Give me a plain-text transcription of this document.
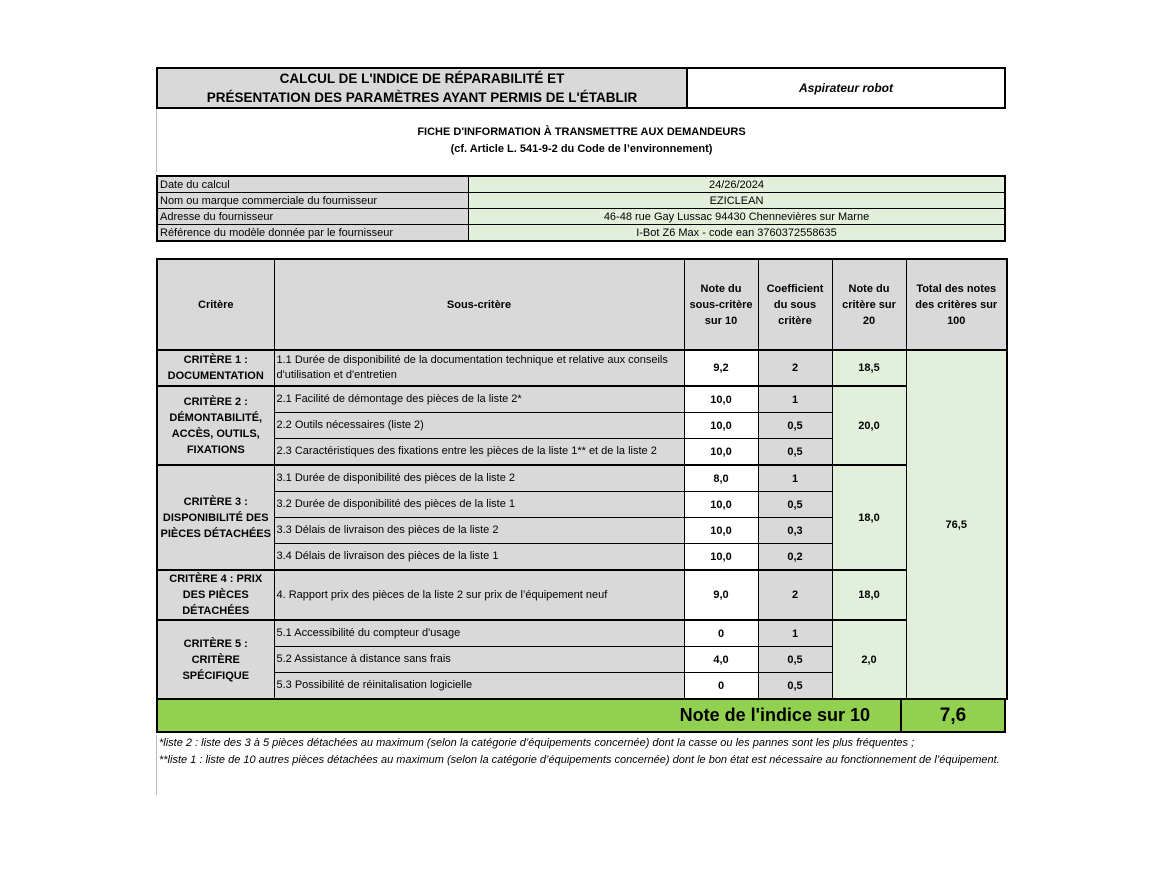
CALCUL DE L'INDICE DE RÉPARABILITÉ ET
PRÉSENTATION DES PARAMÈTRES AYANT PERMIS DE L'ÉTABLIR
Aspirateur robot
FICHE D'INFORMATION À TRANSMETTRE AUX DEMANDEURS
(cf. Article L. 541-9-2 du Code de l’environnement)
Date du calcul	24/26/2024
Nom ou marque commerciale du fournisseur	EZICLEAN
Adresse du fournisseur	46-48 rue Gay Lussac 94430 Chennevières sur Marne
Référence du modèle donnée par le fournisseur	I-Bot Z6 Max - code ean 3760372558635
Critère	Sous-critère	Note du sous-critère sur 10	Coefficient du sous critère	Note du critère sur 20	Total des notes des critères sur 100
CRITÈRE 1 : DOCUMENTATION	1.1 Durée de disponibilité de la documentation technique et relative aux conseils d'utilisation et d'entretien	9,2	2	18,5	76,5
CRITÈRE 2 : DÉMONTABILITÉ, ACCÈS, OUTILS, FIXATIONS	2.1 Facilité de démontage des pièces de la liste 2*	10,0	1	20,0	
	2.2 Outils nécessaires (liste 2)	10,0	0,5		
	2.3 Caractéristiques des fixations entre les pièces de la liste 1** et de la liste 2	10,0	0,5		
CRITÈRE 3 : DISPONIBILITÉ DES PIÈCES DÉTACHÉES	3.1 Durée de disponibilité des pièces de la liste 2	8,0	1	18,0	
	3.2 Durée de disponibilité des pièces de la liste 1	10,0	0,5		
	3.3 Délais de livraison des pièces de la liste 2	10,0	0,3		
	3.4 Délais de livraison des pièces de la liste 1	10,0	0,2		
CRITÈRE 4 : PRIX DES PIÈCES DÉTACHÉES	4. Rapport prix des pièces de la liste 2 sur prix de l’équipement neuf	9,0	2	18,0	
CRITÈRE 5 : CRITÈRE SPÉCIFIQUE	5.1 Accessibilité du compteur d'usage	0	1	2,0	
	5.2 Assistance à distance sans frais	4,0	0,5		
	5.3 Possibilité de réinitalisation logicielle	0	0,5		
Note de l'indice sur 10	7,6
*liste 2 : liste des 3 à 5 pièces détachées au maximum (selon la catégorie d’équipements concernée) dont la casse ou les pannes sont les plus fréquentes ;
**liste 1 : liste de 10 autres pièces détachées au maximum (selon la catégorie d’équipements concernée) dont le bon état est nécessaire au fonctionnement de l’équipement.
